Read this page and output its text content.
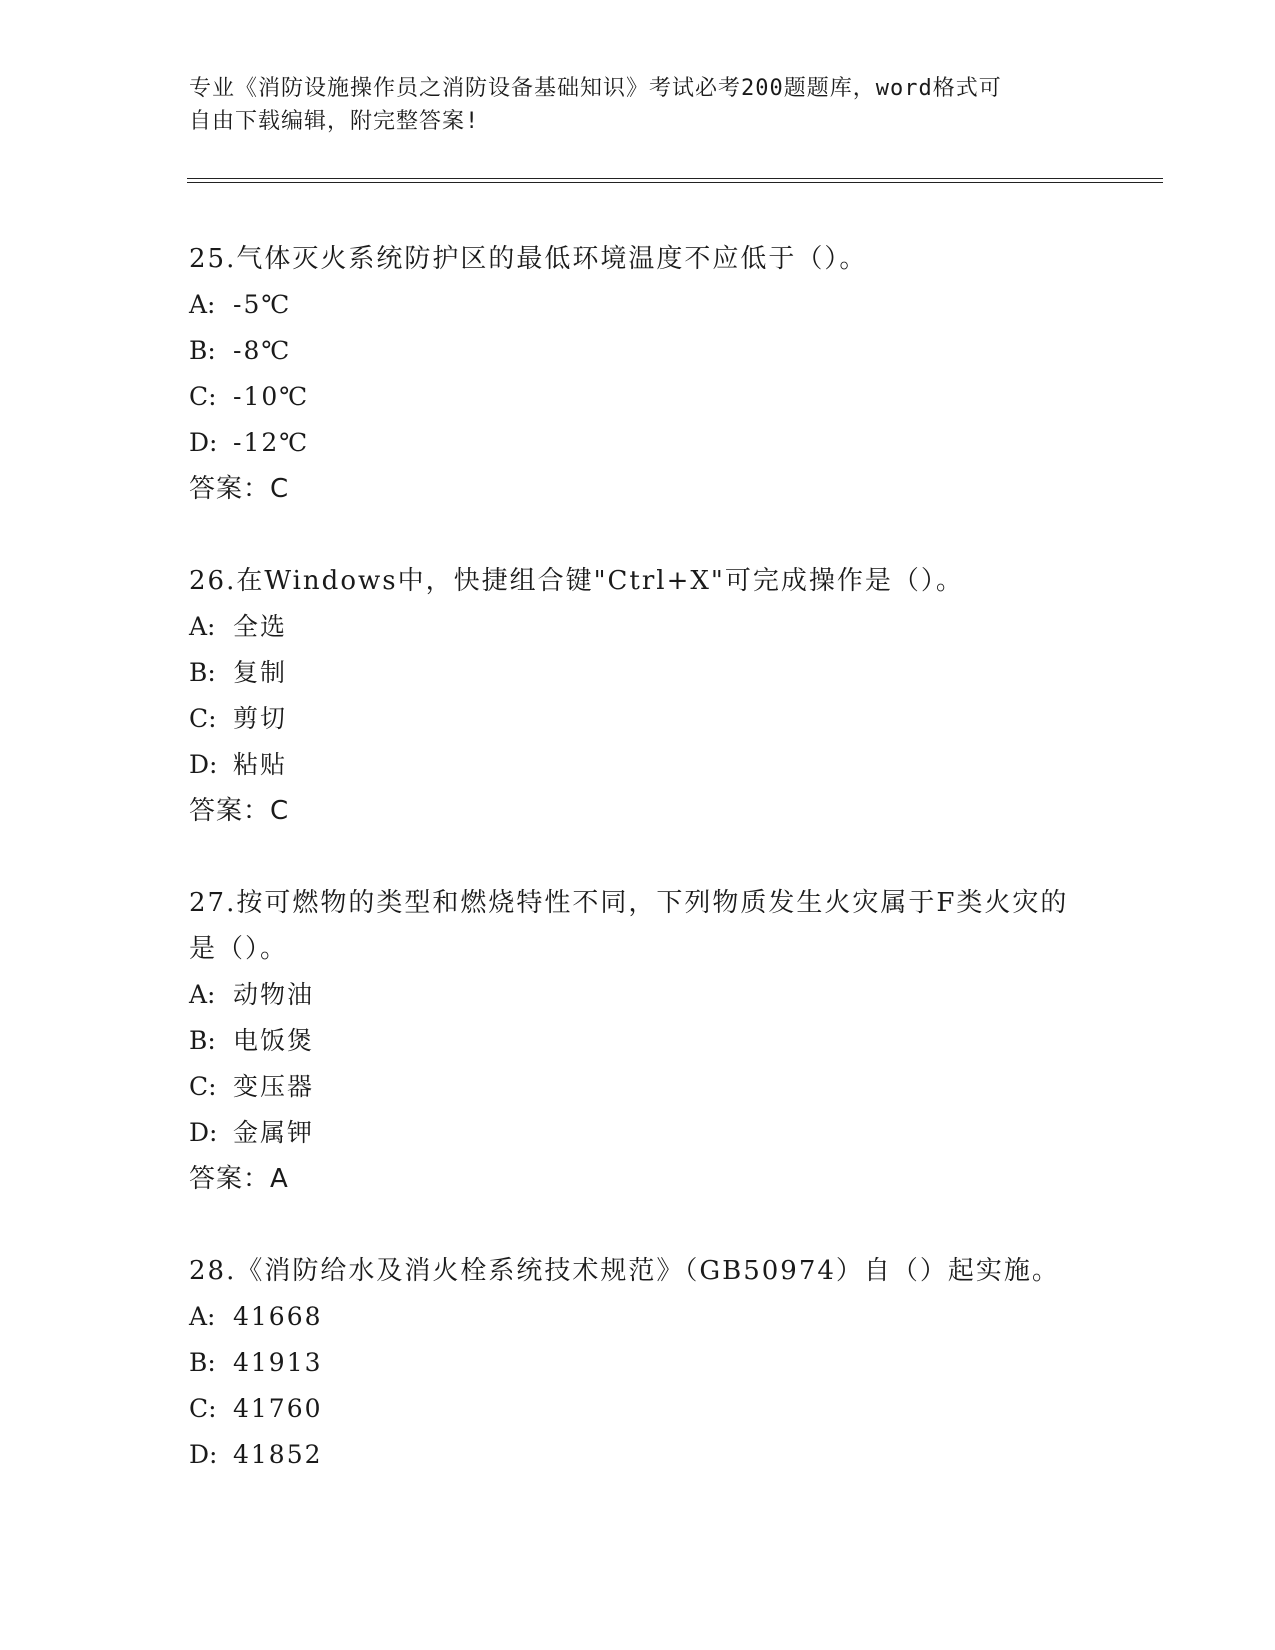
专业《消防设施操作员之消防设备基础知识》考试必考200题题库，word格式可
自由下载编辑，附完整答案!

25.气体灭火系统防护区的最低环境温度不应低于（）。

A: -5℃
B: -8℃
C: -10℃
D: -12℃
答案：C

26.在Windows中，快捷组合键"Ctrl+X"可完成操作是（）。

A: 全选
B: 复制
C: 剪切
D: 粘贴
答案：C

27.按可燃物的类型和燃烧特性不同，下列物质发生火灾属于F类火灾的是（）。

A: 动物油
B: 电饭煲
C: 变压器
D: 金属钾
答案：A

28.《消防给水及消火栓系统技术规范》（GB50974）自（）起实施。

A: 41668
B: 41913
C: 41760
D: 41852
